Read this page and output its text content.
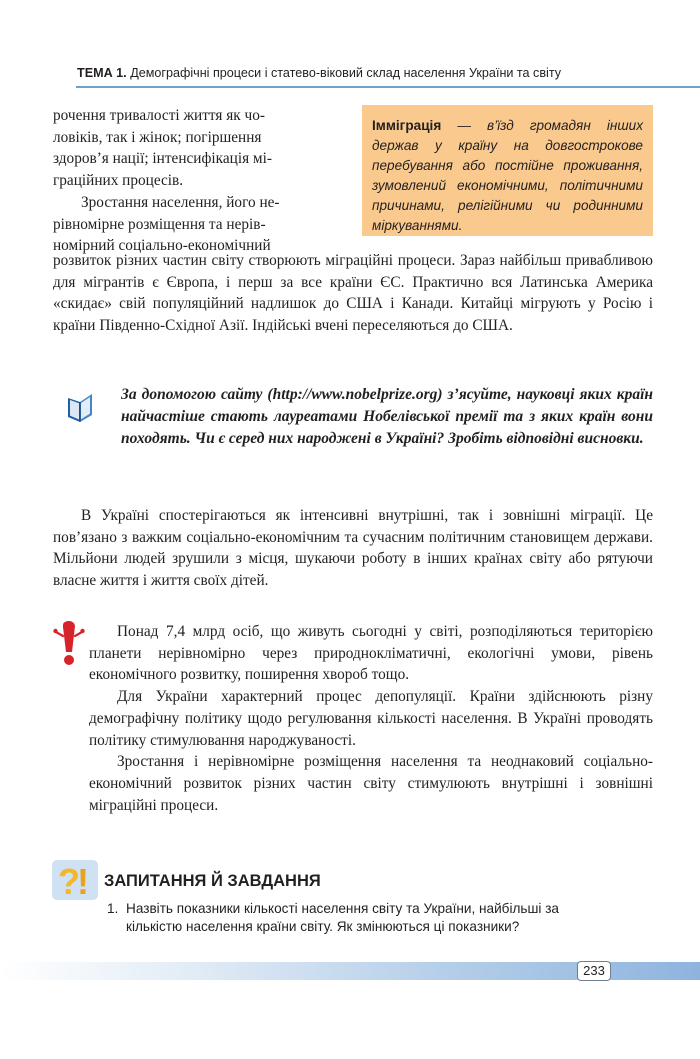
ТЕМА 1. Демографічні процеси і статево-віковий склад населення України та світу

рочення тривалості життя як чо-

ловіків, так і жінок; погіршення

здоров’я нації; інтенсифікація мі-

граційних процесів.

Зростання населення, його не-

рівномірне розміщення та нерів-

номірний соціально-економічний

Імміграція — в’їзд громадян інших держав у країну на довгострокове перебування або постійне проживання, зумовлений економічними, політичними причинами, релігійними чи родинними міркуваннями.

розвиток різних частин світу створюють міграційні процеси. Зараз найбільш привабливою для мігрантів є Європа, і перш за все країни ЄС. Практично вся Латинська Америка «скидає» свій популяційний надлишок до США і Канади. Китайці мігрують у Росію і країни Південно-Східної Азії. Індійські вчені переселяються до США.

За допомогою сайту (http://www.nobelprize.org) з’ясуйте, науковці яких країн найчастіше стають лауреатами Нобелівської премії та з яких країн вони походять. Чи є серед них народжені в Україні? Зробіть відповідні висновки.

В Україні спостерігаються як інтенсивні внутрішні, так і зовнішні міграції. Це пов’язано з важким соціально-економічним та сучасним політичним становищем держави. Мільйони людей зрушили з місця, шукаючи роботу в інших країнах світу або рятуючи власне життя і життя своїх дітей.

Понад 7,4 млрд осіб, що живуть сьогодні у світі, розподіляються територією планети нерівномірно через природнокліматичні, екологічні умови, рівень економічного розвитку, поширення хвороб тощо.

Для України характерний процес депопуляції. Країни здійснюють різну демографічну політику щодо регулювання кількості населення. В Україні проводять політику стимулювання народжуваності.

Зростання і нерівномірне розміщення населення та неоднаковий соціально-економічний розвиток різних частин світу стимулюють внутрішні і зовнішні міграційні процеси.

?
! ЗАПИТАННЯ Й ЗАВДАННЯ
1. Назвіть показники кількості населення світу та України, найбільші за кількістю населення країни світу. Як змінюються ці показники?
233
